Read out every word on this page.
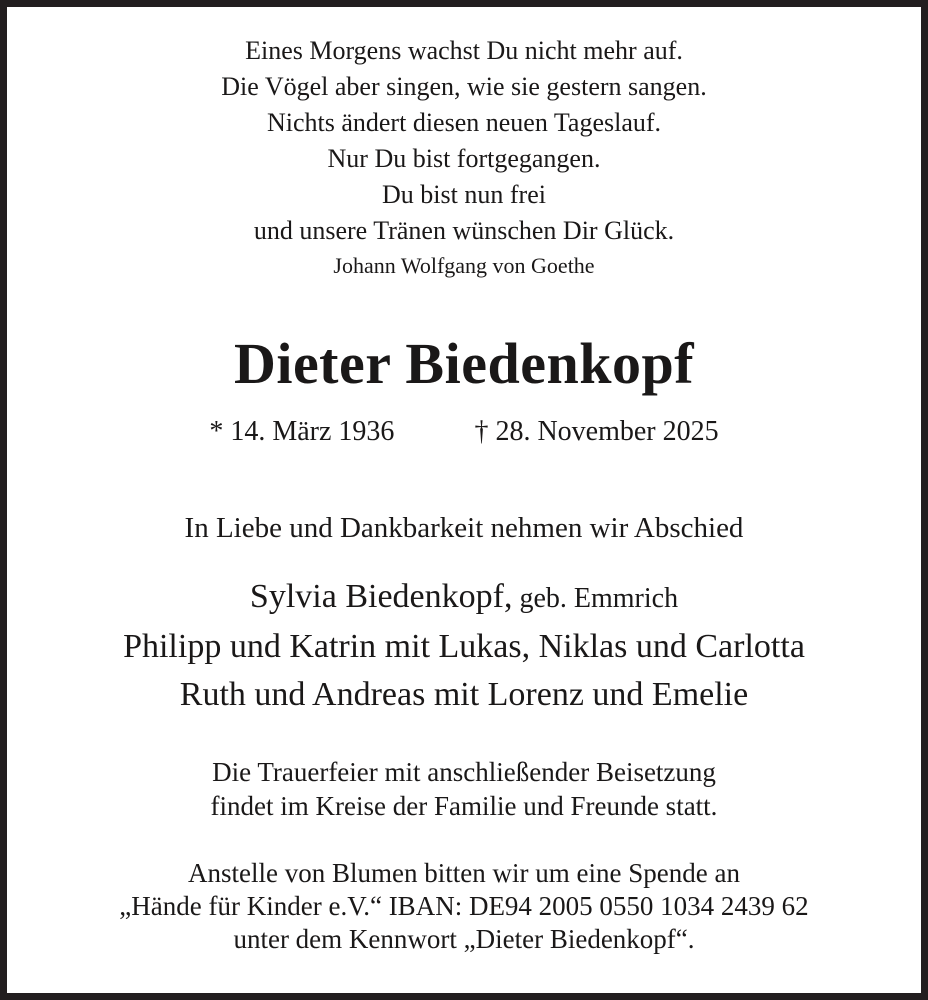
Eines Morgens wachst Du nicht mehr auf.
Die Vögel aber singen, wie sie gestern sangen.
Nichts ändert diesen neuen Tageslauf.
Nur Du bist fortgegangen.
Du bist nun frei
und unsere Tränen wünschen Dir Glück.
Johann Wolfgang von Goethe
Dieter Biedenkopf
* 14. März 1936	† 28. November 2025
In Liebe und Dankbarkeit nehmen wir Abschied
Sylvia Biedenkopf, geb. Emmrich
Philipp und Katrin mit Lukas, Niklas und Carlotta
Ruth und Andreas mit Lorenz und Emelie
Die Trauerfeier mit anschließender Beisetzung
findet im Kreise der Familie und Freunde statt.
Anstelle von Blumen bitten wir um eine Spende an
„Hände für Kinder e.V.“ IBAN: DE94 2005 0550 1034 2439 62
unter dem Kennwort „Dieter Biedenkopf“.
